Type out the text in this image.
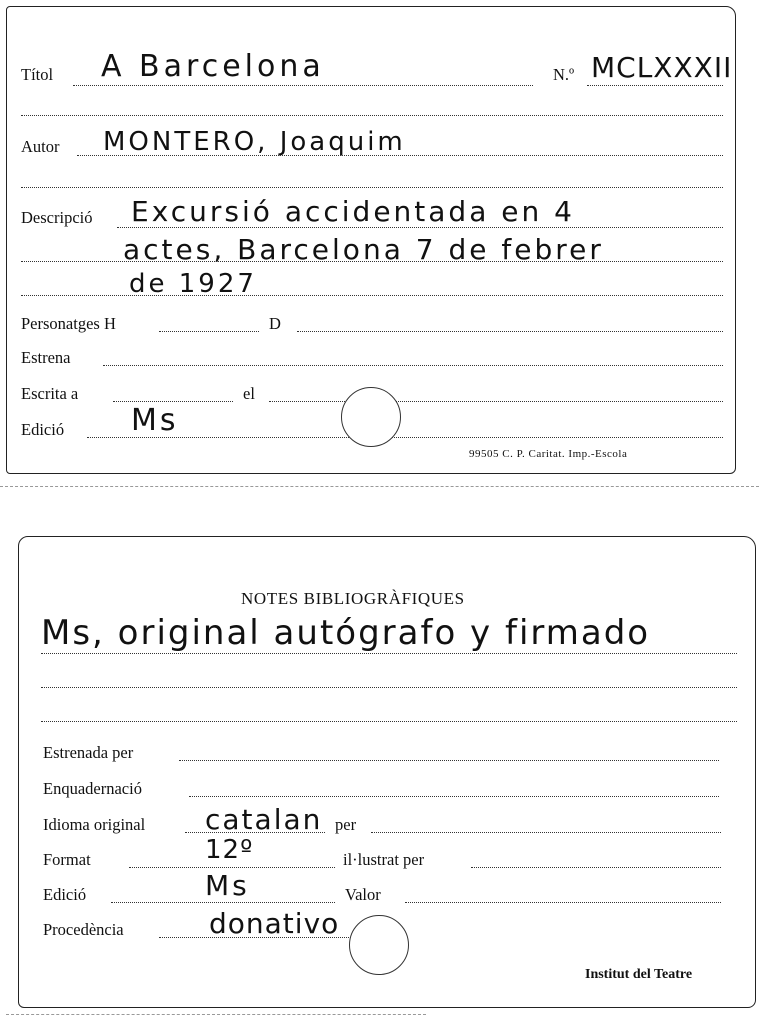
Títol A Barcelona	N.º MCLXXXII
Autor MONTERO, Joaquim
Descripció Excursió accidentada en 4
actes, Barcelona 7 de febrer
de 1927
Personatges H	D
Estrena
Escrita a	el
Edició Ms
99505 C. P. Caritat. Imp.-Escola
NOTES BIBLIOGRÀFIQUES
Ms, original autógrafo y firmado
Estrenada per
Enquadernació
Idioma original catalan per
Format	12º	il·lustrat per
Edició	Ms	Valor
Procedència	donativo
Institut del Teatre
